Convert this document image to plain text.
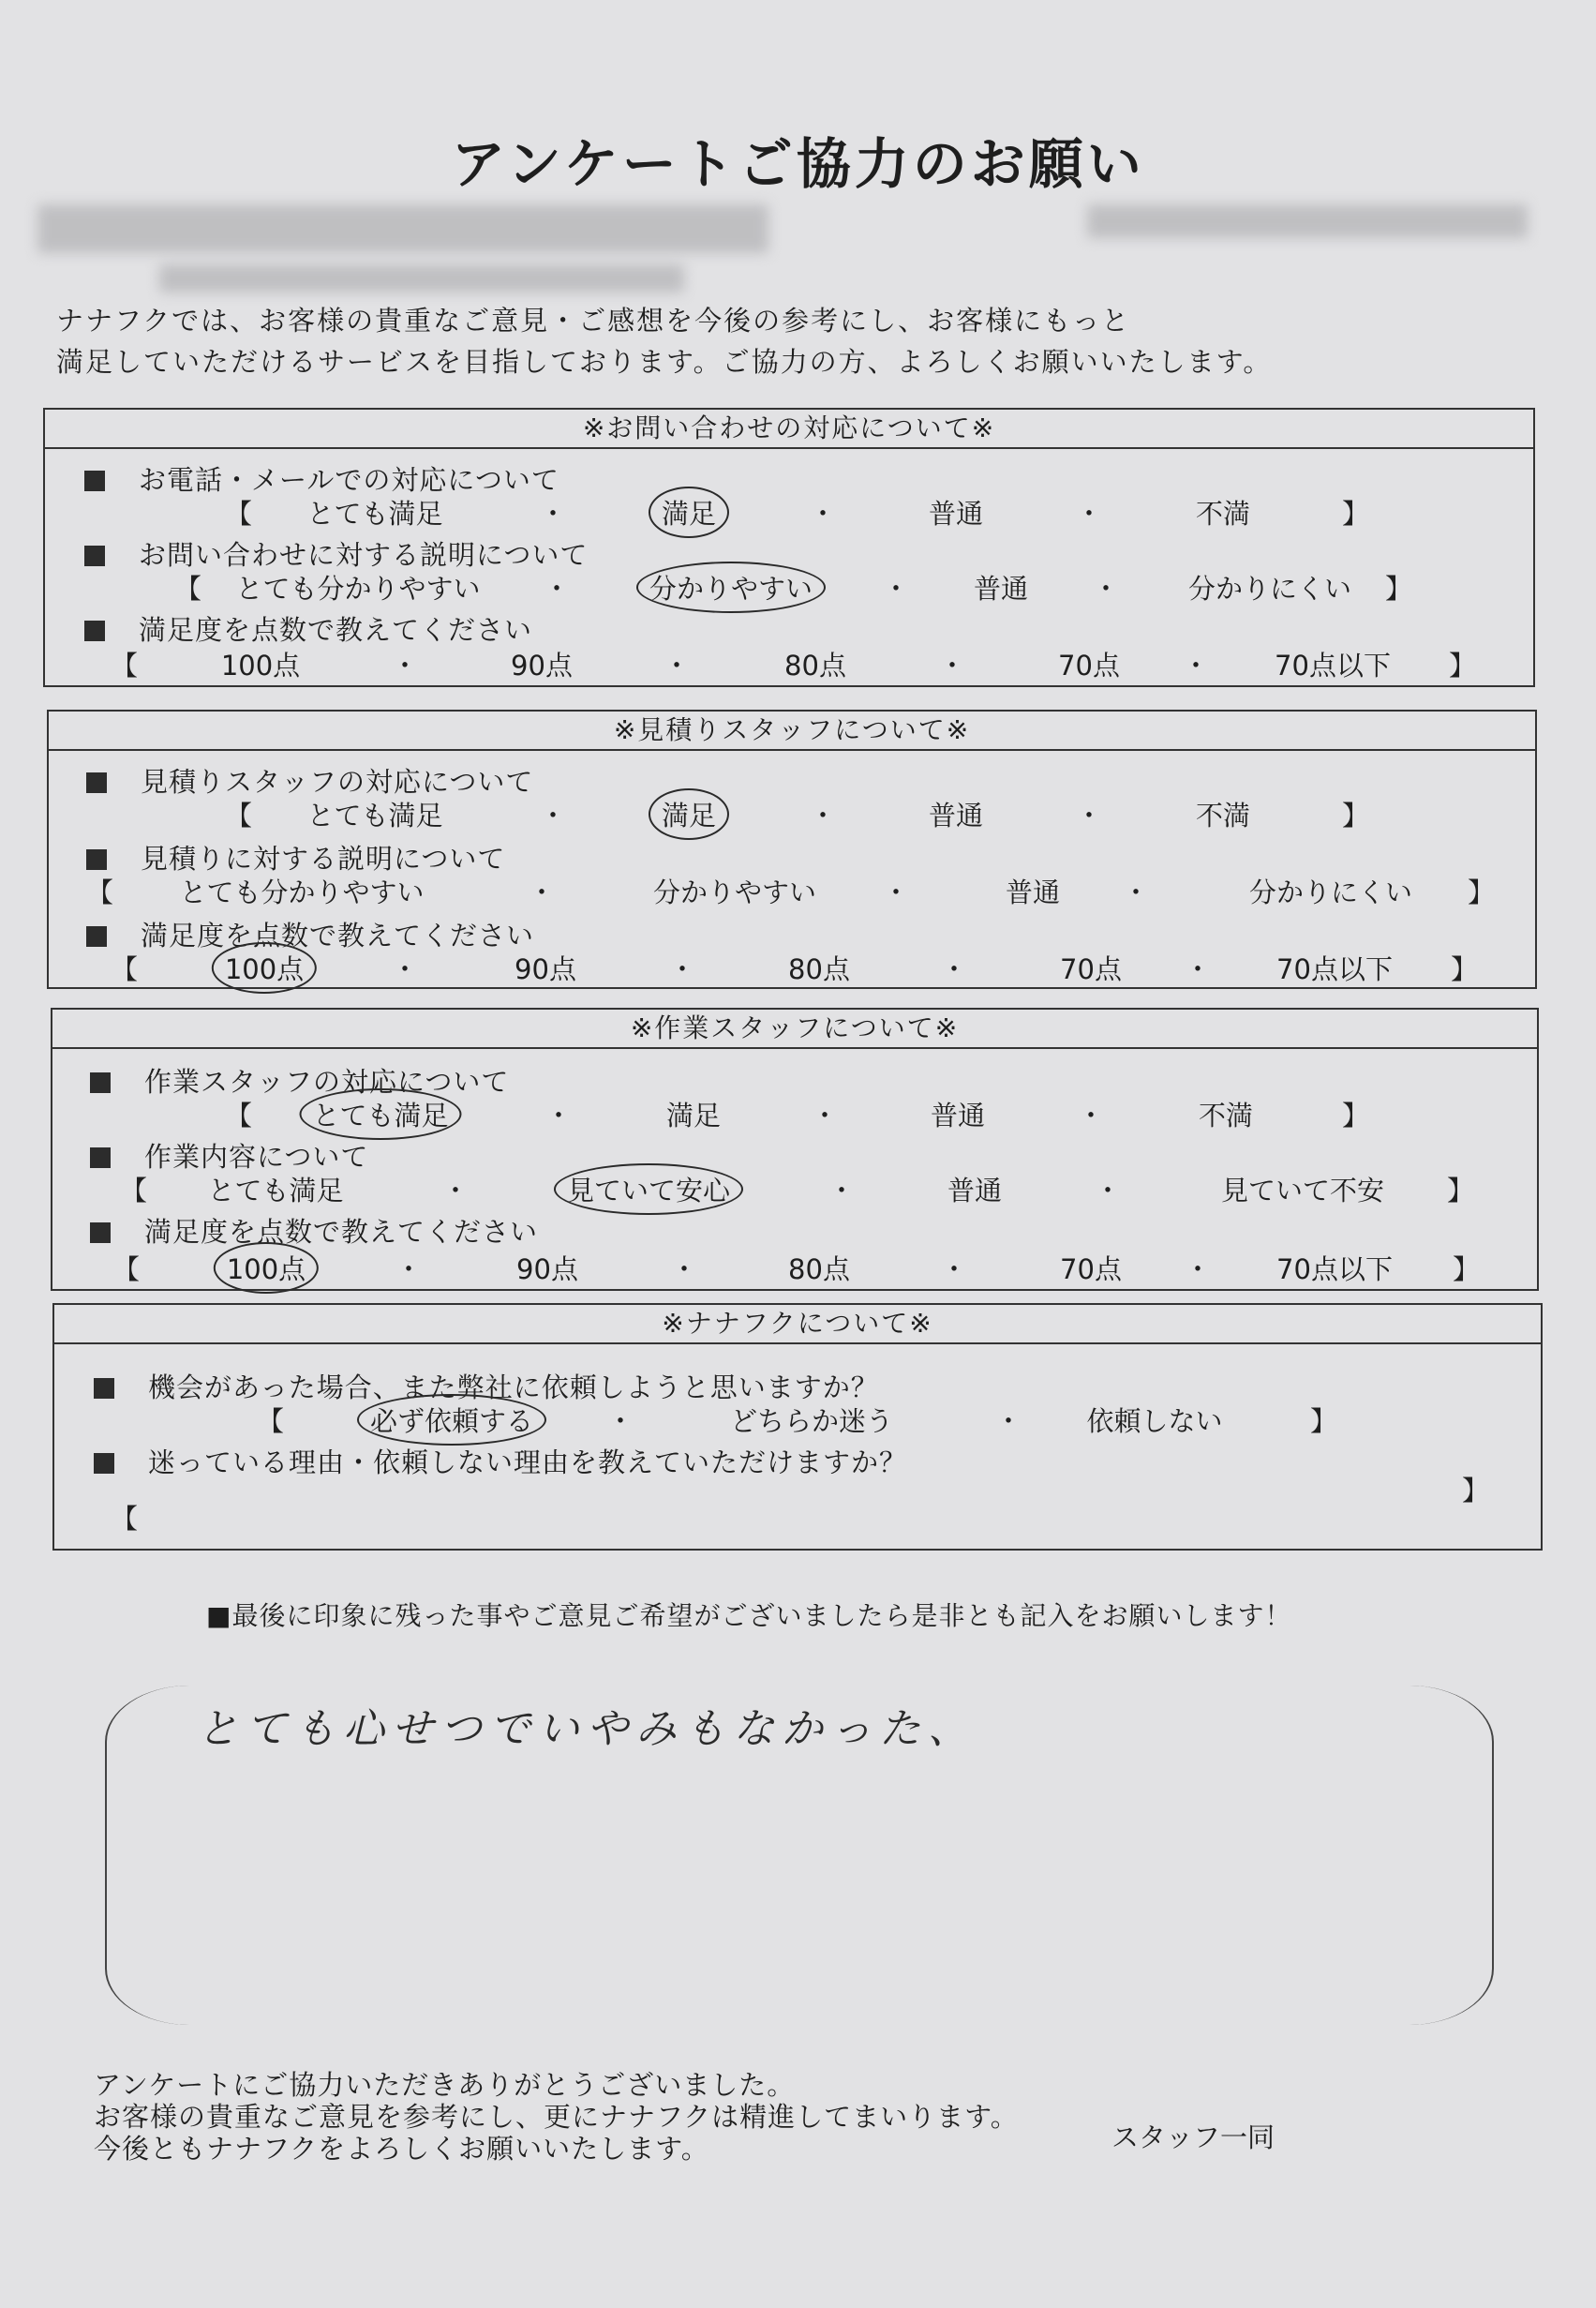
アンケートご協力のお願い
ナナフクでは、お客様の貴重なご意見・ご感想を今後の参考にし、お客様にもっと
満足していただけるサービスを目指しております。ご協力の方、よろしくお願いいたします。
※お問い合わせの対応について※
お電話・メールでの対応について
【 とても満足	・	満足	・	普通	・	不満	】
お問い合わせに対する説明について
【 とても分かりやすい ・	分かりやすい	・ 普通 ・	分かりにくい 】
満足度を点数で教えてください
【	100点	・	90点	・	80点	・	70点 ・ 70点以下 】
※見積りスタッフについて※
見積りスタッフの対応について
【 とても満足	・	満足	・	普通	・	不満	】
見積りに対する説明について
【 とても分かりやすい	・	分かりやすい ・	普通 ・	分かりにくい 】
満足度を点数で教えてください
【	100点	・	90点	・	80点	・	70点 ・ 70点以下 】
※作業スタッフについて※
作業スタッフの対応について
【 とても満足	・	満足	・	普通	・	不満	】
作業内容について
【 とても満足	・	見ていて安心	・	普通	・	見ていて不安 】
満足度を点数で教えてください
【	100点	・	90点	・	80点	・	70点 ・ 70点以下 】
※ナナフクについて※
機会があった場合、また弊社に依頼しようと思いますか？
【	必ず依頼する	・	どちらか迷う	・ 依頼しない	】
迷っている理由・依頼しない理由を教えていただけますか？
【
】
■最後に印象に残った事やご意見ご希望がございましたら是非とも記入をお願いします！
とても心せつでいやみもなかった、
アンケートにご協力いただきありがとうございました。
お客様の貴重なご意見を参考にし、更にナナフクは精進してまいります。
今後ともナナフクをよろしくお願いいたします。	スタッフ一同
